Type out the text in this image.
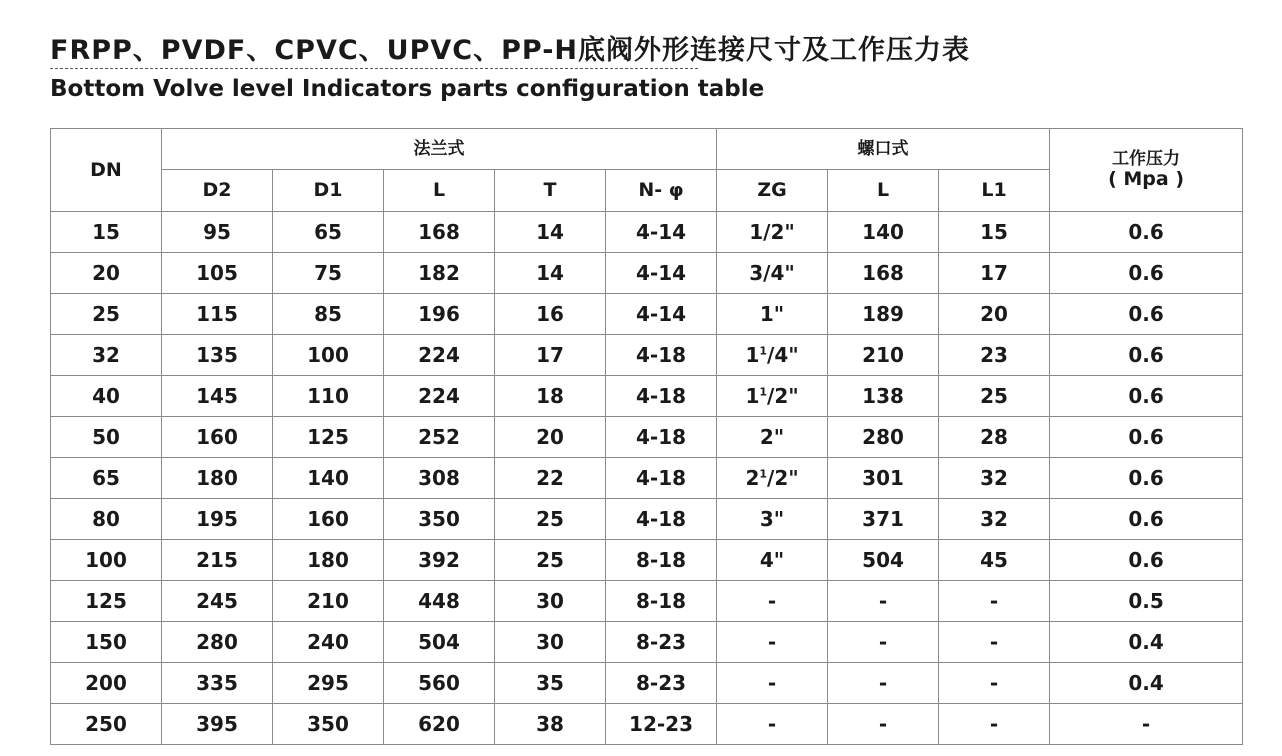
FRPP、PVDF、CPVC、UPVC、PP-H底阀外形连接尺寸及工作压力表
Bottom Volve level Indicators parts configuration table
DN	法兰式					螺口式			工作压力
( Mpa )

	D2	D1	L	T	N- φ	ZG	L	L1	
15	95	65	168	14	4-14	1/2"	140	15	0.6
20	105	75	182	14	4-14	3/4"	168	17	0.6
25	115	85	196	16	4-14	1"	189	20	0.6
32	135	100	224	17	4-18	$1^1/4$"	210	23	0.6
40	145	110	224	18	4-18	$1^1/2$"	138	25	0.6
50	160	125	252	20	4-18	2"	280	28	0.6
65	180	140	308	22	4-18	$2^1/2$"	301	32	0.6
80	195	160	350	25	4-18	3"	371	32	0.6
100	215	180	392	25	8-18	4"	504	45	0.6
125	245	210	448	30	8-18	-	-	-	0.5
150	280	240	504	30	8-23	-	-	-	0.4
200	335	295	560	35	8-23	-	-	-	0.4
250	395	350	620	38	12-23	-	-	-	-
